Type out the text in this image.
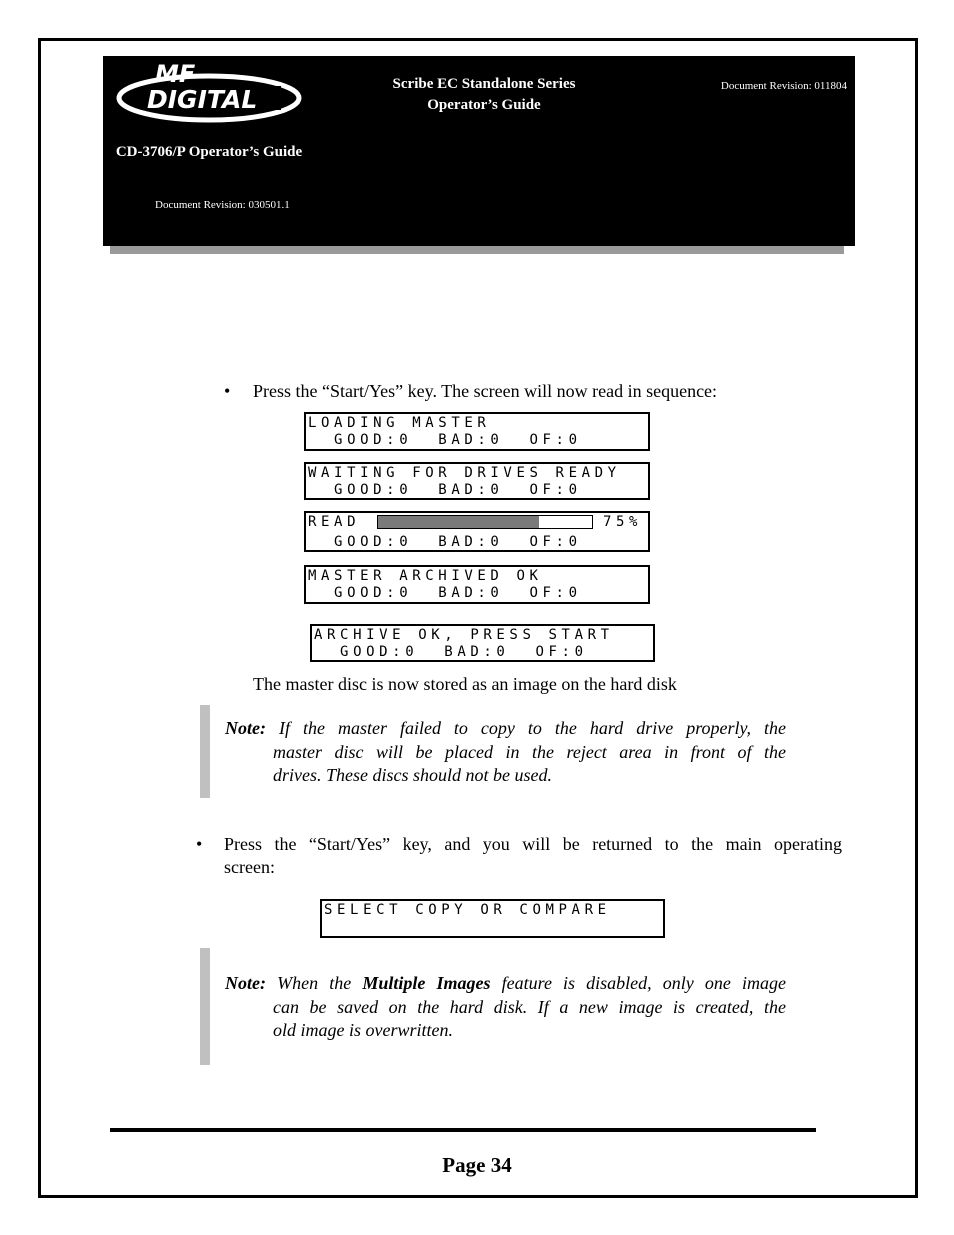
MF
DIGITAL
CD-3706/P Operator’s Guide
Document Revision: 030501.1
Scribe EC Standalone Series
Operator’s Guide
Document Revision: 011804
• Press the “Start/Yes” key. The screen will now read in sequence:
LOADING MASTER
GOOD:0  BAD:0  OF:0
WAITING FOR DRIVES READY
GOOD:0  BAD:0  OF:0
READ	75%
GOOD:0  BAD:0  OF:0
MASTER ARCHIVED OK
GOOD:0  BAD:0  OF:0
ARCHIVE OK, PRESS START
GOOD:0  BAD:0  OF:0
The master disc is now stored as an image on the hard disk
Note: If the master failed to copy to the hard drive properly, the
master disc will be placed in the reject area in front of the
drives. These discs should not be used.
• Press the “Start/Yes” key, and you will be returned to the main operating
screen:
SELECT COPY OR COMPARE
Note: When the Multiple Images feature is disabled, only one image
can be saved on the hard disk. If a new image is created, the
old image is overwritten.
Page 34
